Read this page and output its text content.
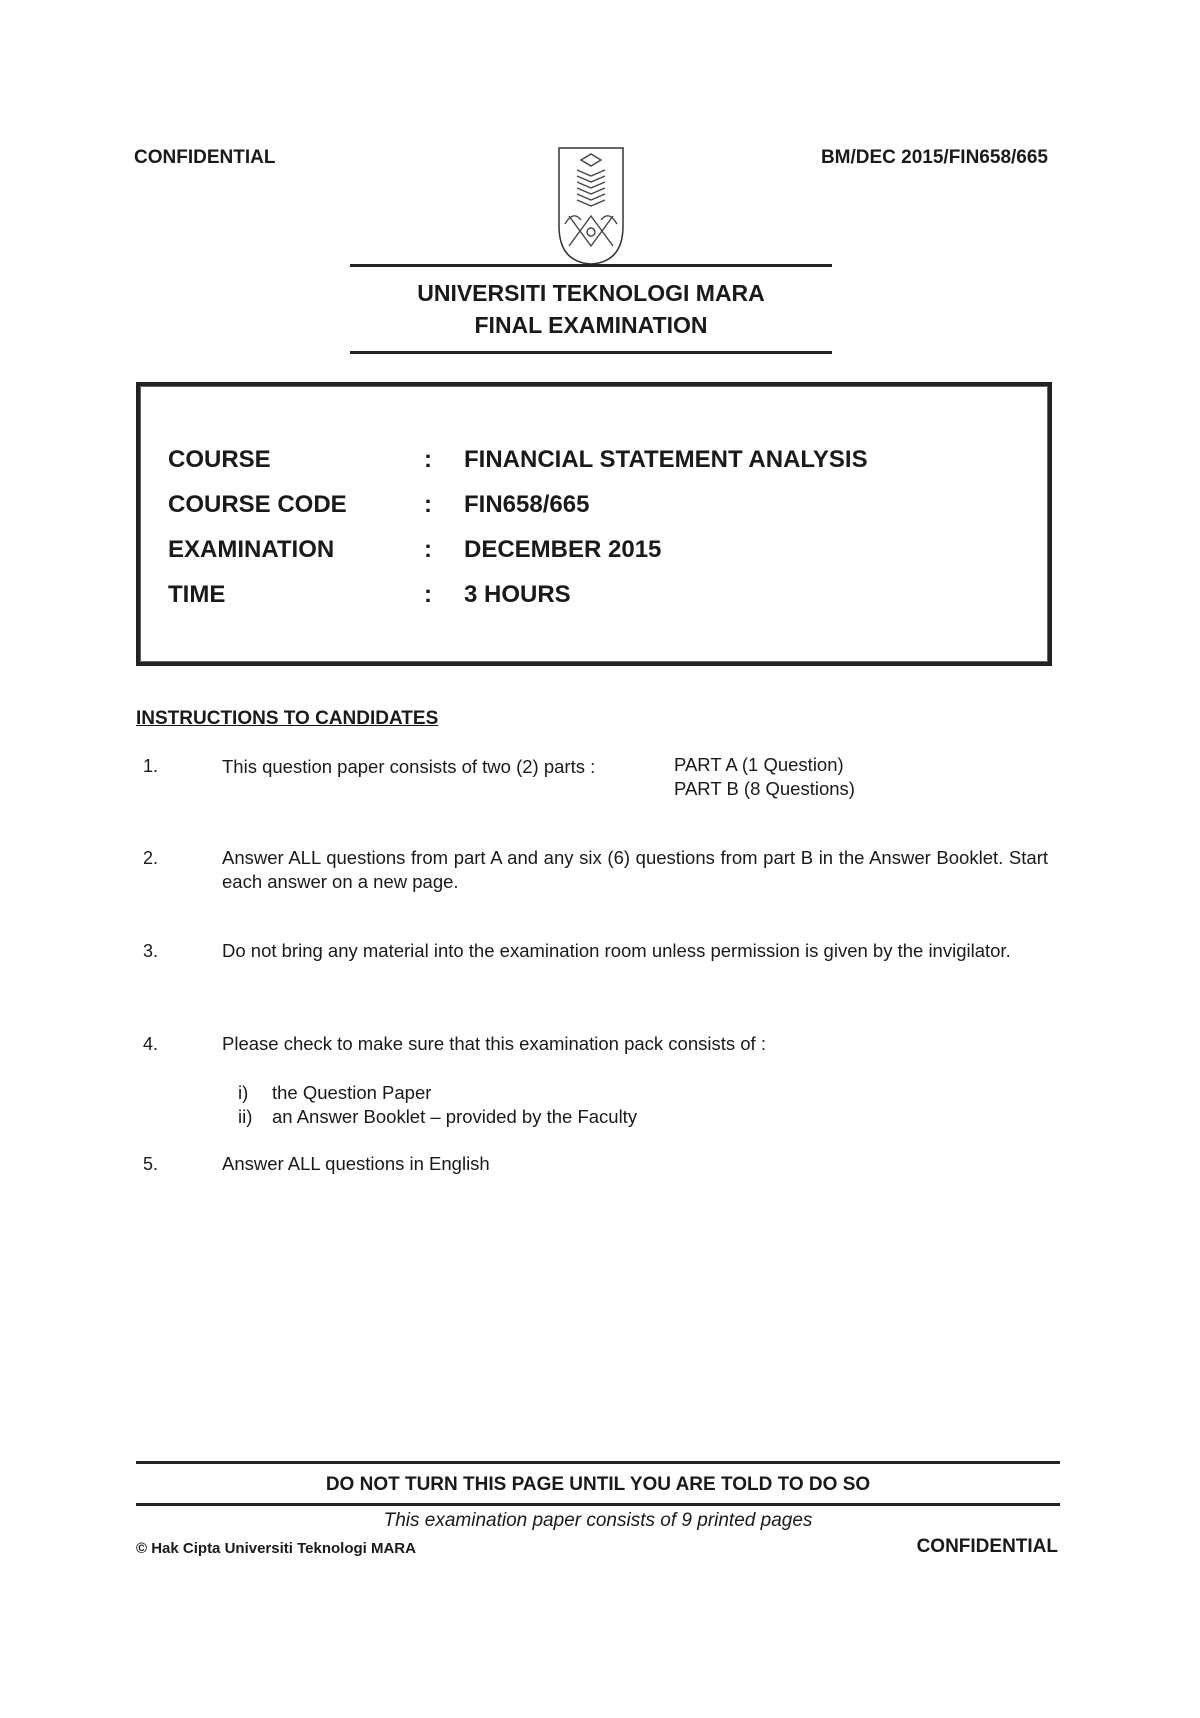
CONFIDENTIAL	BM/DEC 2015/FIN658/665
UNIVERSITI TEKNOLOGI MARA
FINAL EXAMINATION
COURSE	: FINANCIAL STATEMENT ANALYSIS
COURSE CODE	: FIN658/665
EXAMINATION	: DECEMBER 2015
TIME	: 3 HOURS
INSTRUCTIONS TO CANDIDATES
1.	This question paper consists of two (2) parts :	PART A (1 Question)
PART B (8 Questions)
2.	Answer ALL questions from part A and any six (6) questions from part B in the Answer Booklet. Start each answer on a new page.
3.	Do not bring any material into the examination room unless permission is given by the invigilator.
4.	Please check to make sure that this examination pack consists of :
i) the Question Paper
ii) an Answer Booklet – provided by the Faculty
5.	Answer ALL questions in English
DO NOT TURN THIS PAGE UNTIL YOU ARE TOLD TO DO SO
This examination paper consists of 9 printed pages
© Hak Cipta Universiti Teknologi MARA	CONFIDENTIAL
